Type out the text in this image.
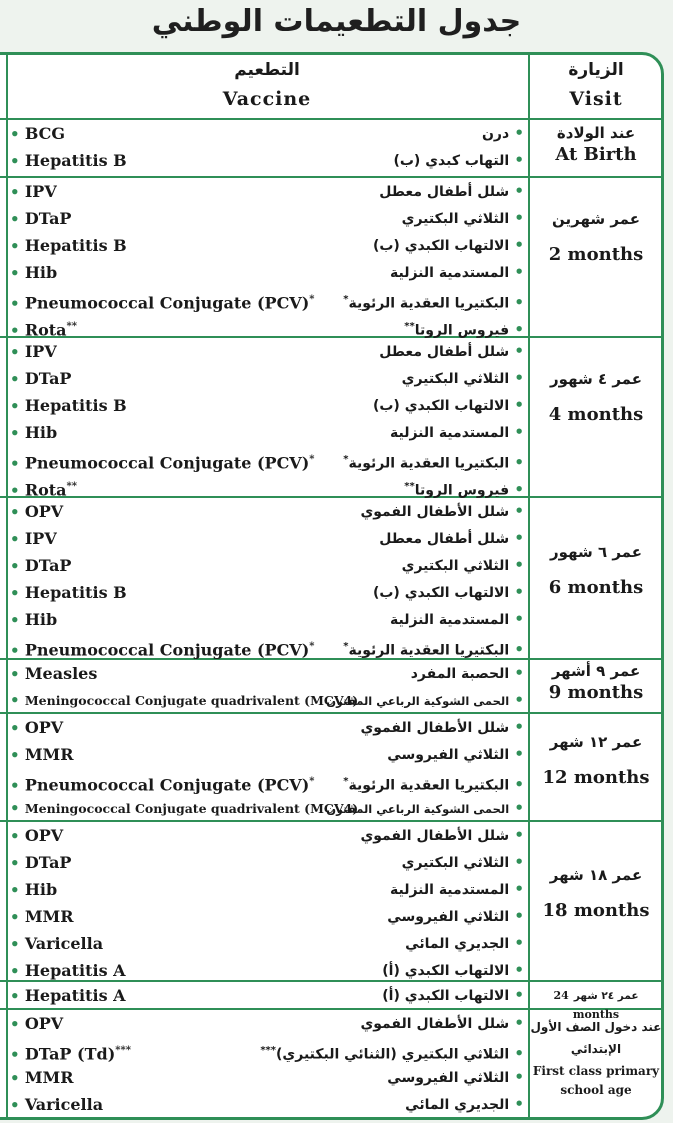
جدول التطعيمات الوطني
التطعيم
Vaccine
الزيارة
Visit
• BCG	• درن
• Hepatitis B	• التهاب كبدي (ب)
عند الولادة
At Birth
• IPV	• شلل أطفال معطل
• DTaP	• الثلاثي البكتيري
• Hepatitis B	• الالتهاب الكبدي (ب)
• Hib	• المستدمية النزلية
• Pneumococcal Conjugate (PCV)*	• البكتيريا العقدية الرئوية*
• Rota**	• فيروس الروتا**
عمر شهرين
2 months
• IPV	• شلل أطفال معطل
• DTaP	• الثلاثي البكتيري
• Hepatitis B	• الالتهاب الكبدي (ب)
• Hib	• المستدمية النزلية
• Pneumococcal Conjugate (PCV)*	• البكتيريا العقدية الرئوية*
• Rota**	• فيروس الروتا**
عمر ٤ شهور
4 months
• OPV	• شلل الأطفال الفموي
• IPV	• شلل أطفال معطل
• DTaP	• الثلاثي البكتيري
• Hepatitis B	• الالتهاب الكبدي (ب)
• Hib	• المستدمية النزلية
• Pneumococcal Conjugate (PCV)*	• البكتيريا العقدية الرئوية*
عمر ٦ شهور
6 months
• Measles	• الحصبة المفرد
• Meningococcal Conjugate quadrivalent (MCV4)	• الحمى الشوكية الرباعي المقترن
عمر ٩ أشهر
9 months
• OPV	• شلل الأطفال الفموي
• MMR	• الثلاثي الفيروسي
• Pneumococcal Conjugate (PCV)*	• البكتيريا العقدية الرئوية*
• Meningococcal Conjugate quadrivalent (MCV4)	• الحمى الشوكية الرباعي المقترن
عمر ١٢ شهر
12 months
• OPV	• شلل الأطفال الفموي
• DTaP	• الثلاثي البكتيري
• Hib	• المستدمية النزلية
• MMR	• الثلاثي الفيروسي
• Varicella	• الجديري المائي
• Hepatitis A	• الالتهاب الكبدي (أ)
عمر ١٨ شهر
18 months
• Hepatitis A	• الالتهاب الكبدي (أ)	عمر ٢٤ شهر 24 months
• OPV	• شلل الأطفال الفموي
• DTaP (Td)***	• الثلاثي البكتيري (الثنائي البكتيري)***
• MMR	• الثلاثي الفيروسي
• Varicella	• الجديري المائي
عند دخول الصف الأول الإبتدائي
First class primary school age
